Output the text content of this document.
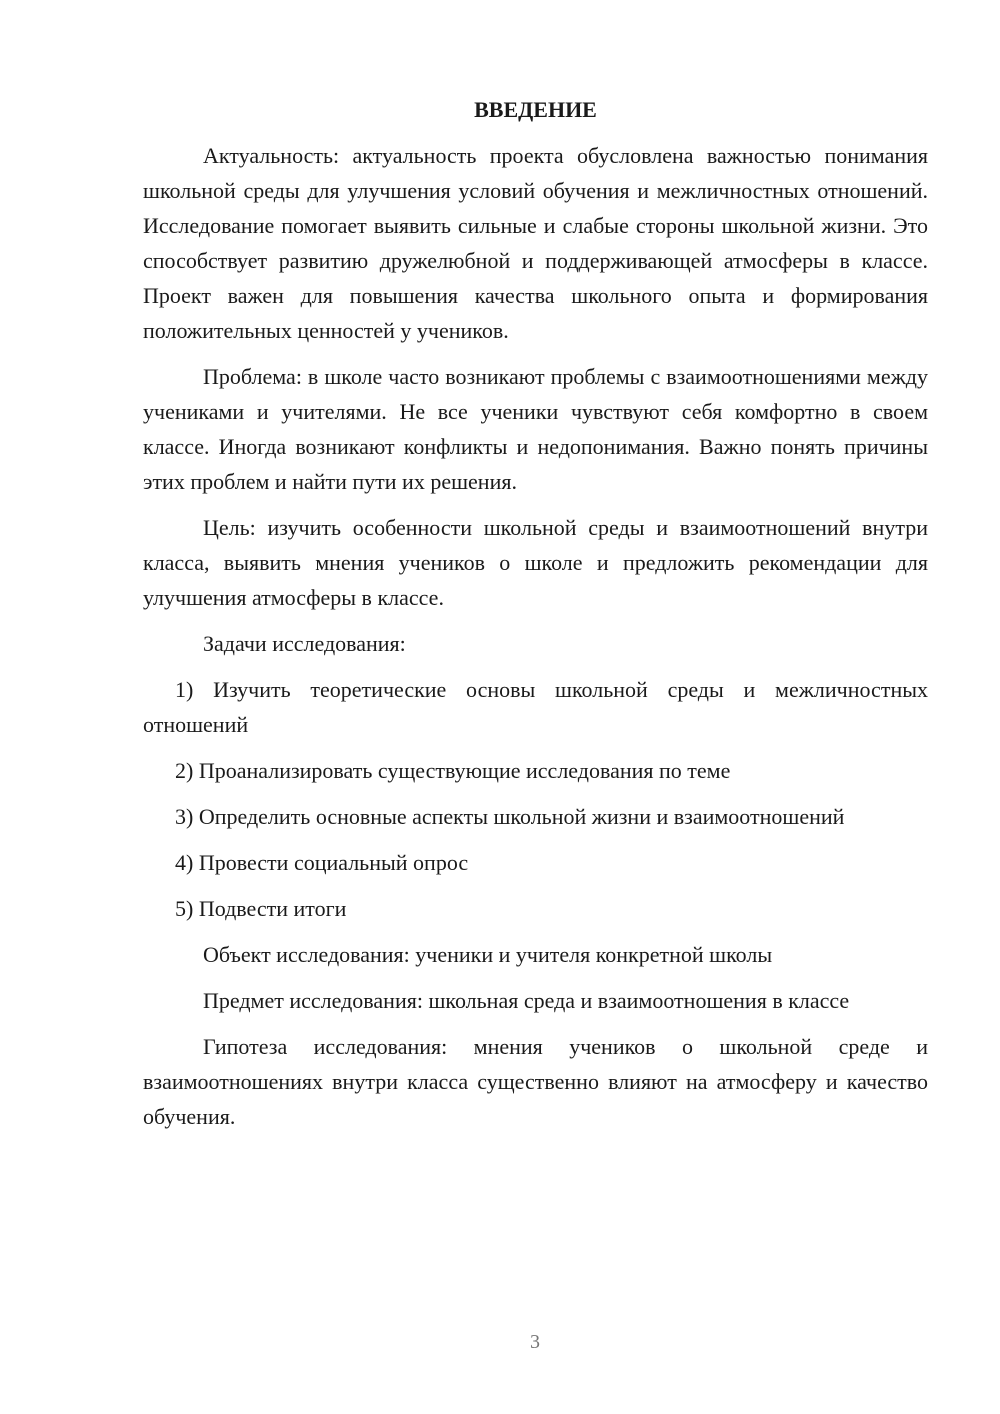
ВВЕДЕНИЕ

Актуальность: актуальность проекта обусловлена важностью понимания школьной среды для улучшения условий обучения и межличностных отношений. Исследование помогает выявить сильные и слабые стороны школьной жизни. Это способствует развитию дружелюбной и поддерживающей атмосферы в классе. Проект важен для повышения качества школьного опыта и формирования положительных ценностей у учеников.

Проблема: в школе часто возникают проблемы с взаимоотношениями между учениками и учителями. Не все ученики чувствуют себя комфортно в своем классе. Иногда возникают конфликты и недопонимания. Важно понять причины этих проблем и найти пути их решения.

Цель: изучить особенности школьной среды и взаимоотношений внутри класса, выявить мнения учеников о школе и предложить рекомендации для улучшения атмосферы в классе.

Задачи исследования:

1) Изучить теоретические основы школьной среды и межличностных отношений

2) Проанализировать существующие исследования по теме

3) Определить основные аспекты школьной жизни и взаимоотношений

4) Провести социальный опрос

5) Подвести итоги

Объект исследования: ученики и учителя конкретной школы

Предмет исследования: школьная среда и взаимоотношения в классе

Гипотеза исследования: мнения учеников о школьной среде и взаимоотношениях внутри класса существенно влияют на атмосферу и качество обучения.

3
